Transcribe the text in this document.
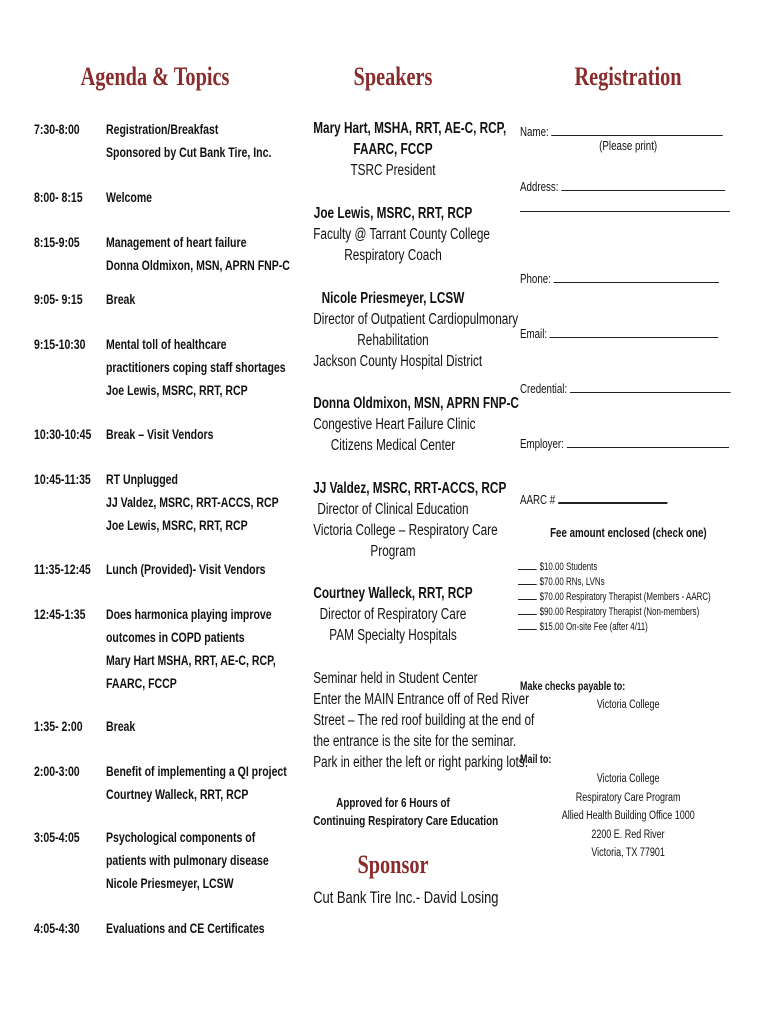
Agenda & Topics
7:30-8:00	Registration/Breakfast
Sponsored by Cut Bank Tire, Inc.
8:00- 8:15	Welcome
8:15-9:05	Management of heart failure
Donna Oldmixon, MSN, APRN FNP-C
9:05- 9:15	Break
9:15-10:30 Mental toll of healthcare
practitioners coping staff shortages
Joe Lewis, MSRC, RRT, RCP
10:30-10:45 Break – Visit Vendors
10:45-11:35 RT Unplugged
JJ Valdez, MSRC, RRT-ACCS, RCP
Joe Lewis, MSRC, RRT, RCP
11:35-12:45 Lunch (Provided)- Visit Vendors
12:45-1:35 Does harmonica playing improve
outcomes in COPD patients
Mary Hart MSHA, RRT, AE-C, RCP,
FAARC, FCCP
1:35- 2:00	Break
2:00-3:00	Benefit of implementing a QI project
Courtney Walleck, RRT, RCP
3:05-4:05	Psychological components of
patients with pulmonary disease
Nicole Priesmeyer, LCSW
4:05-4:30	Evaluations and CE Certificates
Speakers
Mary Hart, MSHA, RRT, AE-C, RCP,
FAARC, FCCP
TSRC President
Joe Lewis, MSRC, RRT, RCP
Faculty @ Tarrant County College
Respiratory Coach
Nicole Priesmeyer, LCSW
Director of Outpatient Cardiopulmonary
Rehabilitation
Jackson County Hospital District
Donna Oldmixon, MSN, APRN FNP-C
Congestive Heart Failure Clinic
Citizens Medical Center
JJ Valdez, MSRC, RRT-ACCS, RCP
Director of Clinical Education
Victoria College – Respiratory Care
Program
Courtney Walleck, RRT, RCP
Director of Respiratory Care
PAM Specialty Hospitals
Seminar held in Student Center
Enter the MAIN Entrance off of Red River
Street – The red roof building at the end of
the entrance is the site for the seminar.
Park in either the left or right parking lots.
Approved for 6 Hours of
Continuing Respiratory Care Education
Sponsor
Cut Bank Tire Inc.- David Losing
Registration
Name:
(Please print)
Address:
Phone:
Email:
Credential:
Employer:
AARC #
Fee amount enclosed (check one)
$10.00 Students
$70.00 RNs, LVNs
$70.00 Respiratory Therapist (Members - AARC)
$90.00 Respiratory Therapist (Non-members)
$15.00 On-site Fee (after 4/11)
Make checks payable to:
Victoria College
Mail to:
Victoria College
Respiratory Care Program
Allied Health Building Office 1000
2200 E. Red River
Victoria, TX 77901
